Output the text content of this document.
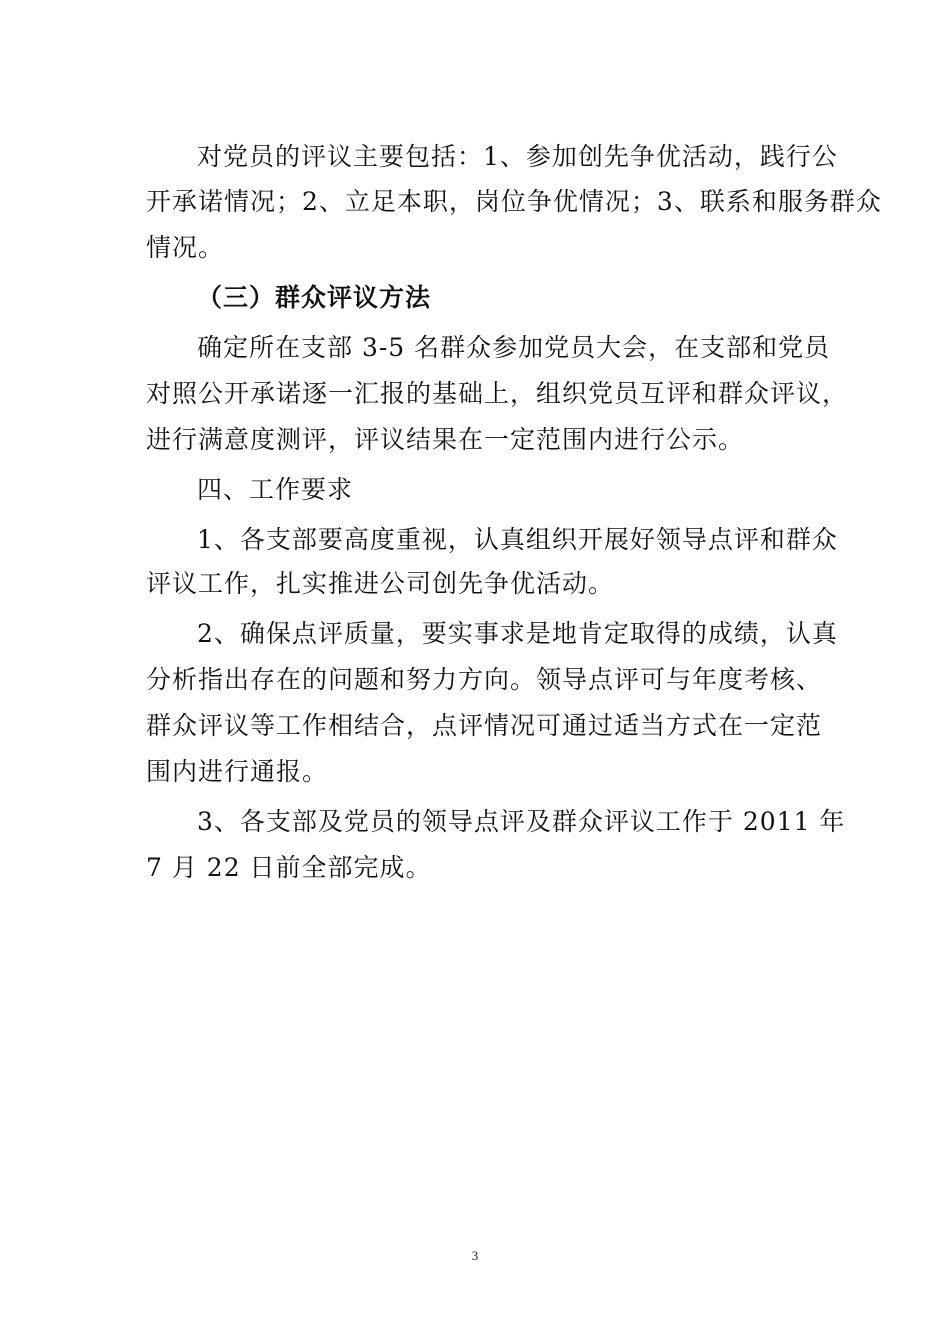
对党员的评议主要包括：1、参加创先争优活动，践行公
开承诺情况；2、立足本职，岗位争优情况；3、联系和服务群众
情况。
（三）群众评议方法
确定所在支部 3-5 名群众参加党员大会，在支部和党员
对照公开承诺逐一汇报的基础上，组织党员互评和群众评议，
进行满意度测评，评议结果在一定范围内进行公示。
四、工作要求
1、各支部要高度重视，认真组织开展好领导点评和群众
评议工作，扎实推进公司创先争优活动。
2、确保点评质量，要实事求是地肯定取得的成绩，认真
分析指出存在的问题和努力方向。领导点评可与年度考核、
群众评议等工作相结合，点评情况可通过适当方式在一定范
围内进行通报。
3、各支部及党员的领导点评及群众评议工作于 2011 年
7 月 22 日前全部完成。
3
